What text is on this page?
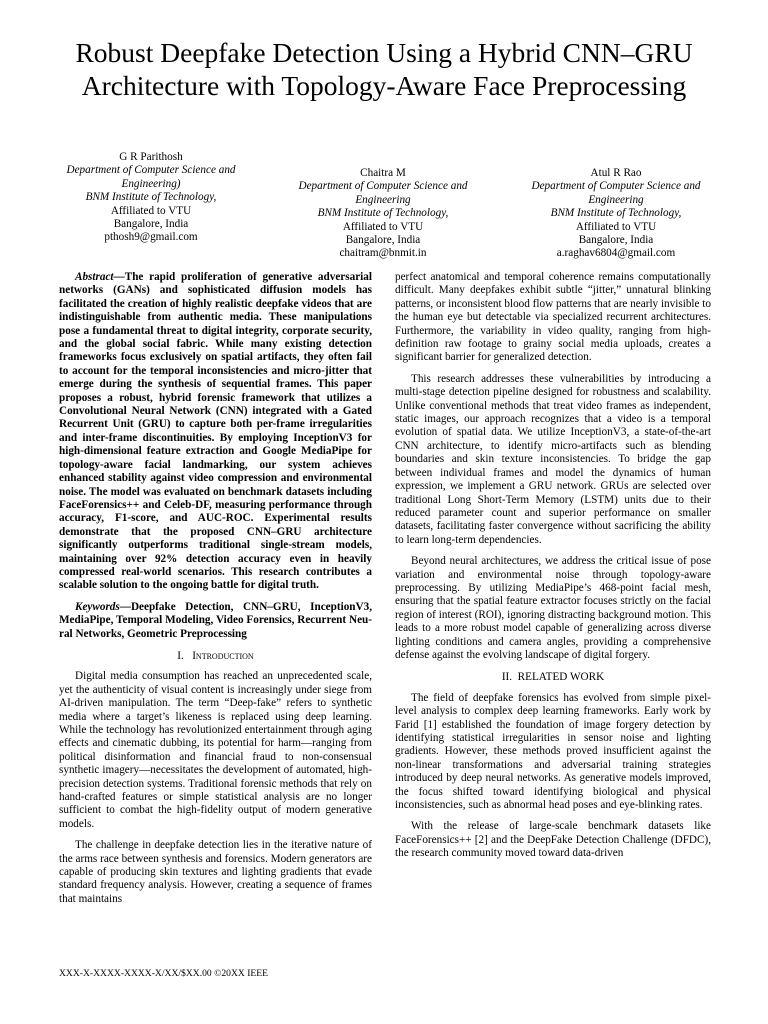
Robust Deepfake Detection Using a Hybrid CNN–GRU Architecture with Topology-Aware Face Preprocessing
G R Parithosh
Department of Computer Science and Engineering)
BNM Institute of Technology,
Affiliated to VTU
Bangalore, India
pthosh9@gmail.com
Chaitra M
Department of Computer Science and Engineering
BNM Institute of Technology,
Affiliated to VTU
Bangalore, India
chaitram@bnmit.in
Atul R Rao
Department of Computer Science and Engineering
BNM Institute of Technology,
Affiliated to VTU
Bangalore, India
a.raghav6804@gmail.com

Abstract—The rapid proliferation of generative adversarial networks (GANs) and sophisticated diffusion models has facilitated the creation of highly realistic deepfake videos that are indistinguishable from authentic media. These manipulations pose a fundamental threat to digital integrity, corporate security, and the global social fabric. While many existing detection frameworks focus exclusively on spatial artifacts, they often fail to account for the temporal inconsistencies and micro-jitter that emerge during the synthesis of sequential frames. This paper proposes a robust, hybrid forensic framework that utilizes a Convolutional Neural Network (CNN) integrated with a Gated Recurrent Unit (GRU) to capture both per-frame irregularities and inter-frame discontinuities. By employing InceptionV3 for high-dimensional feature extraction and Google MediaPipe for topology-aware facial landmarking, our system achieves enhanced stability against video compression and environmental noise. The model was evaluated on benchmark datasets including FaceForensics++ and Celeb-DF, measuring performance through accuracy, F1-score, and AUC-ROC. Experimental results demonstrate that the proposed CNN–GRU architecture significantly outperforms traditional single-stream models, maintaining over 92% detection accuracy even in heavily compressed real-world scenarios. This research contributes a scalable solution to the ongoing battle for digital truth.

Keywords—Deepfake Detection, CNN–GRU, InceptionV3, MediaPipe, Temporal Modeling, Video Forensics, Recurrent Neu- ral Networks, Geometric Preprocessing

I. Introduction

Digital media consumption has reached an unprecedented scale, yet the authenticity of visual content is increasingly under siege from AI-driven manipulation. The term “Deep-fake” refers to synthetic media where a target’s likeness is replaced using deep learning. While the technology has revolutionized entertainment through aging effects and cinematic dubbing, its potential for harm—ranging from political disinformation and financial fraud to non-consensual synthetic imagery—necessitates the development of automated, high- precision detection systems. Traditional forensic methods that rely on hand-crafted features or simple statistical analysis are no longer sufficient to combat the high-fidelity output of modern generative models.

The challenge in deepfake detection lies in the iterative nature of the arms race between synthesis and forensics. Modern generators are capable of producing skin textures and lighting gradients that evade standard frequency analysis. However, creating a sequence of frames that maintains

perfect anatomical and temporal coherence remains computationally difficult. Many deepfakes exhibit subtle “jitter,” unnatural blinking patterns, or inconsistent blood flow patterns that are nearly invisible to the human eye but detectable via specialized recurrent architectures. Furthermore, the variability in video quality, ranging from high-definition raw footage to grainy social media uploads, creates a significant barrier for generalized detection.

This research addresses these vulnerabilities by introducing a multi-stage detection pipeline designed for robustness and scalability. Unlike conventional methods that treat video frames as independent, static images, our approach recognizes that a video is a temporal evolution of spatial data. We utilize InceptionV3, a state-of-the-art CNN architecture, to identify micro-artifacts such as blending boundaries and skin texture inconsistencies. To bridge the gap between individual frames and model the dynamics of human expression, we implement a GRU network. GRUs are selected over traditional Long Short-Term Memory (LSTM) units due to their reduced parameter count and superior performance on smaller datasets, facilitating faster convergence without sacrificing the ability to learn long-term dependencies.

Beyond neural architectures, we address the critical issue of pose variation and environmental noise through topology-aware preprocessing. By utilizing MediaPipe’s 468-point facial mesh, ensuring that the spatial feature extractor focuses strictly on the facial region of interest (ROI), ignoring distracting background motion. This leads to a more robust model capable of generalizing across diverse lighting conditions and camera angles, providing a comprehensive defense against the evolving landscape of digital forgery.

II. RELATED WORK

The field of deepfake forensics has evolved from simple pixel-level analysis to complex deep learning frameworks. Early work by Farid [1] established the foundation of image forgery detection by identifying statistical irregularities in sensor noise and lighting gradients. However, these methods proved insufficient against the non-linear transformations and adversarial training strategies introduced by deep neural networks. As generative models improved, the focus shifted toward identifying biological and physical inconsistencies, such as abnormal head poses and eye-blinking rates.

With the release of large-scale benchmark datasets like FaceForensics++ [2] and the DeepFake Detection Challenge (DFDC), the research community moved toward data-driven

XXX-X-XXXX-XXXX-X/XX/$XX.00 ©20XX IEEE
